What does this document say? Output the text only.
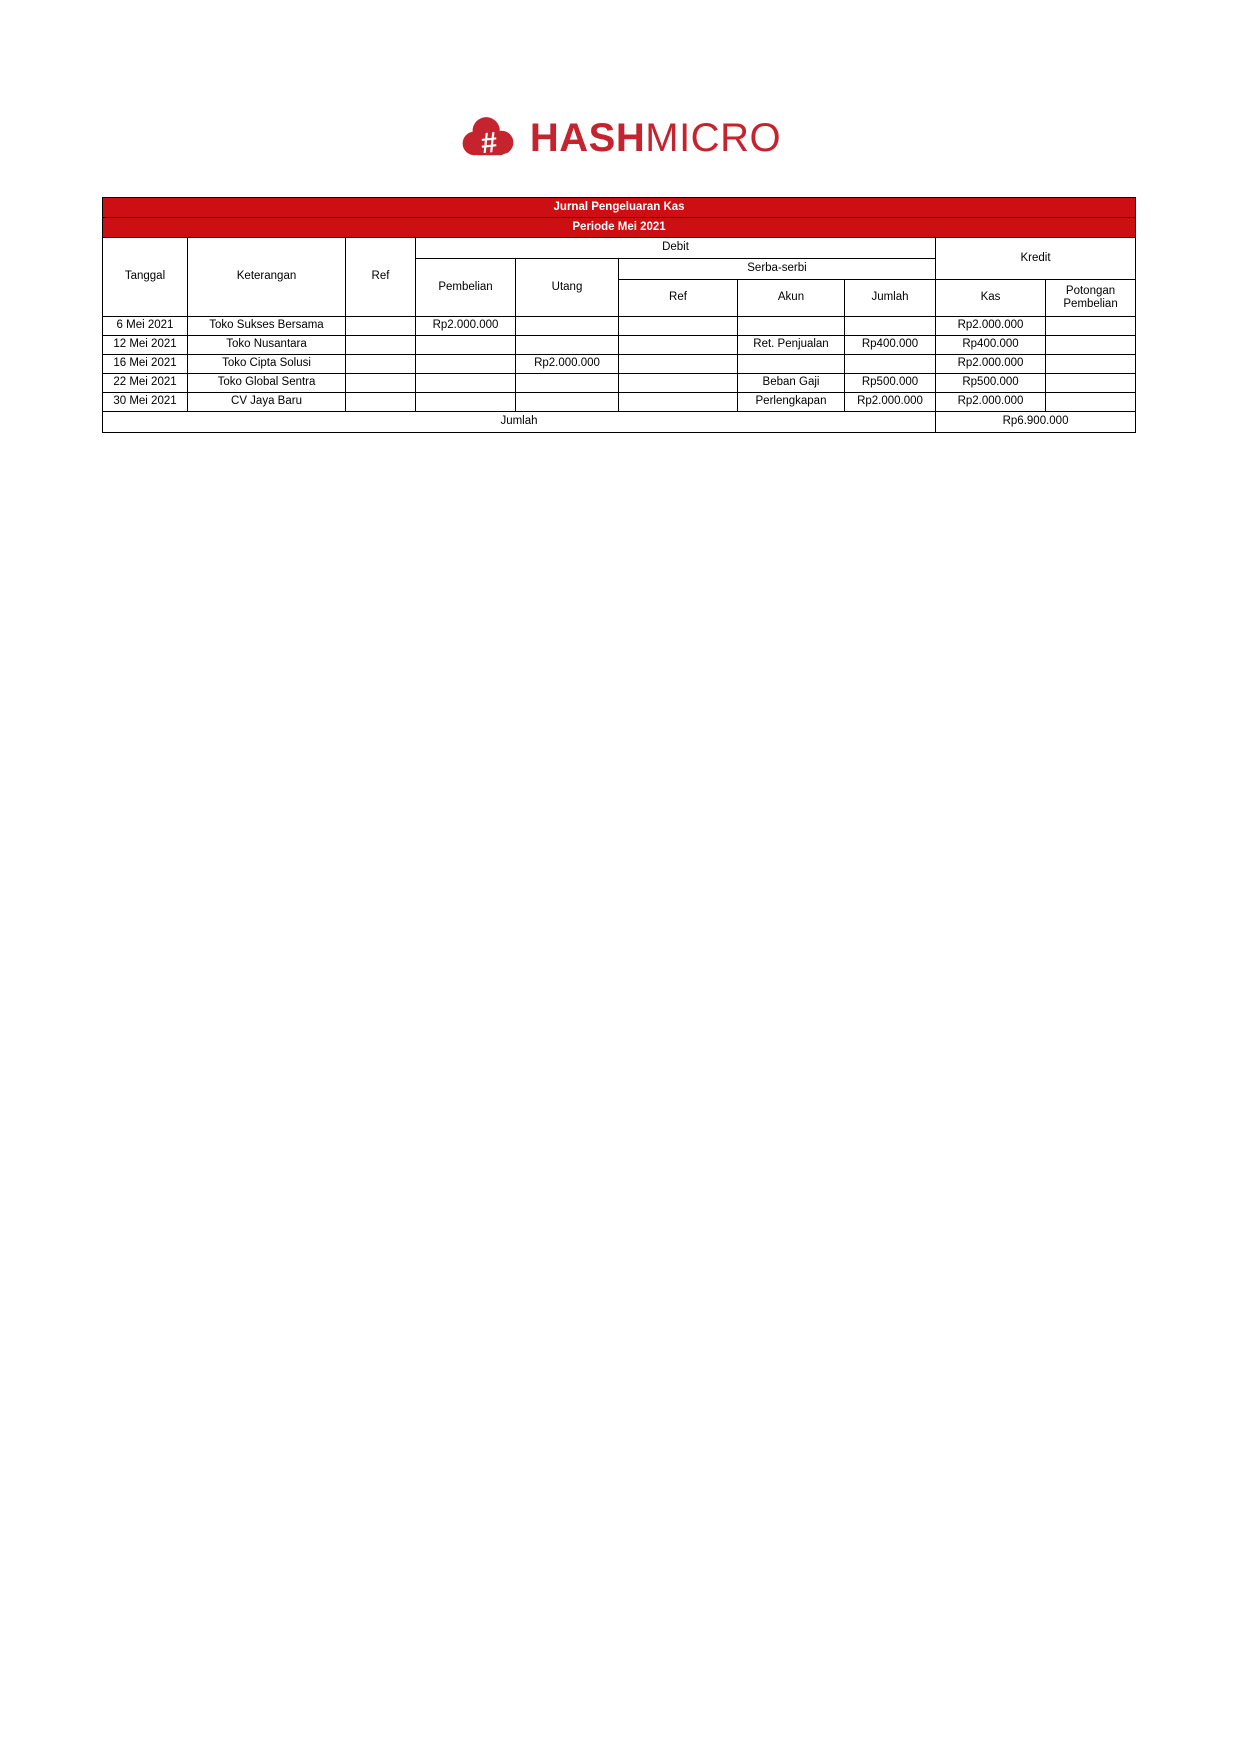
# HASHMICRO
Jurnal Pengeluaran Kas									
Periode Mei 2021									
Tanggal	Keterangan	Ref	Debit					Kredit	
			Pembelian	Utang	Serba-serbi				
					Ref	Akun	Jumlah	Kas	Potongan Pembelian
6 Mei 2021	Toko Sukses Bersama		Rp2.000.000					Rp2.000.000	
12 Mei 2021	Toko Nusantara					Ret. Penjualan	Rp400.000	Rp400.000	
16 Mei 2021	Toko Cipta Solusi			Rp2.000.000				Rp2.000.000	
22 Mei 2021	Toko Global Sentra					Beban Gaji	Rp500.000	Rp500.000	
30 Mei 2021	CV Jaya Baru					Perlengkapan	Rp2.000.000	Rp2.000.000	
Jumlah								Rp6.900.000	
